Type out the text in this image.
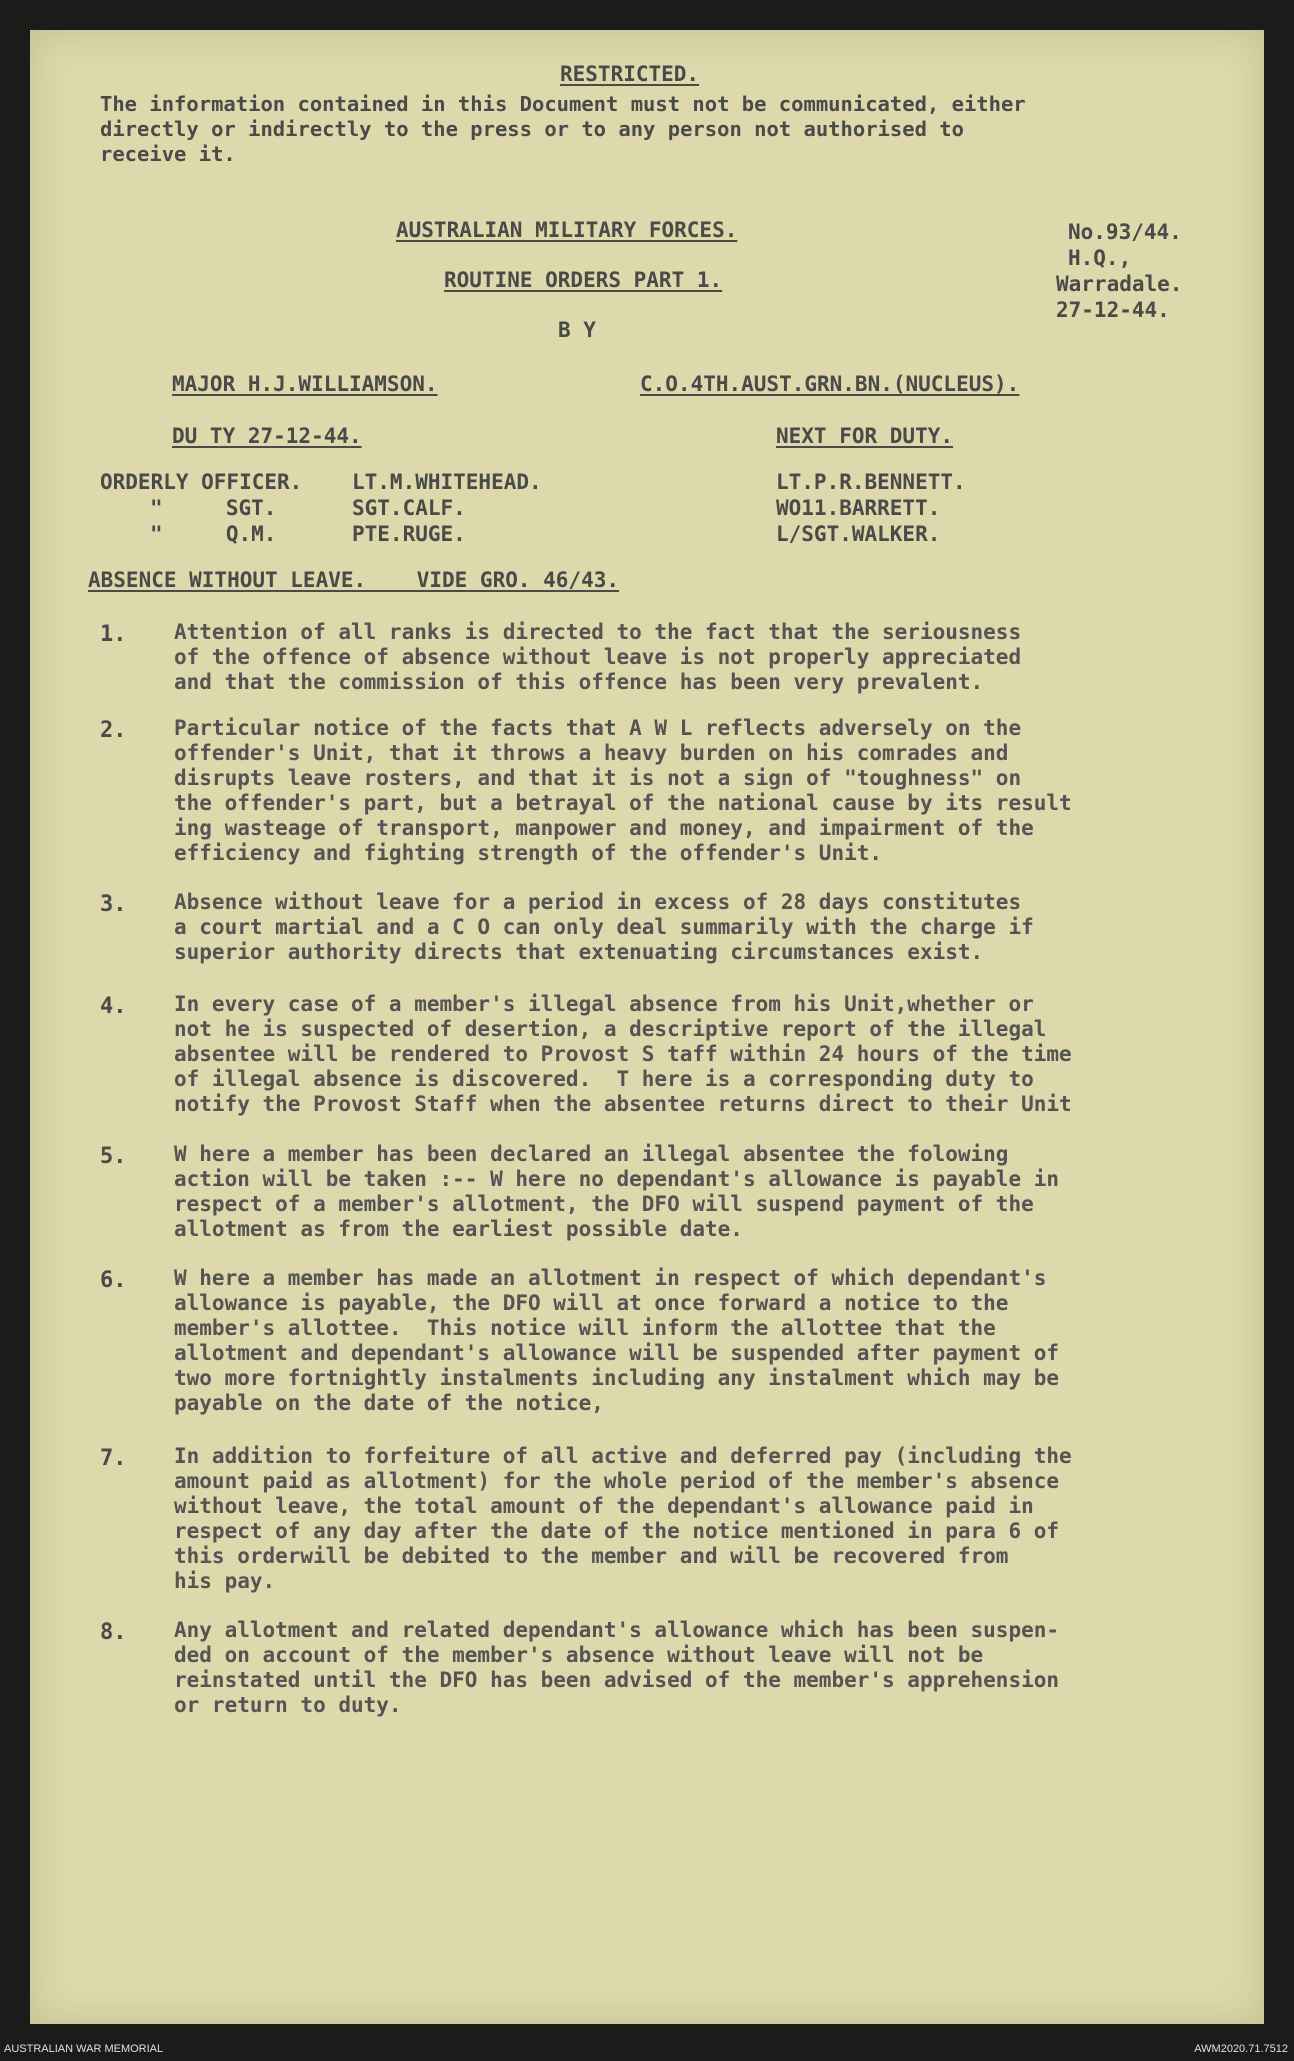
RESTRICTED.
The information contained in this Document must not be communicated, either
directly or indirectly to the press or to any person not authorised to
receive it.
AUSTRALIAN MILITARY FORCES.
ROUTINE ORDERS PART 1.
B Y
No.93/44.
H.Q.,
Warradale.
27-12-44.
MAJOR H.J.WILLIAMSON.	C.O.4TH.AUST.GRN.BN.(NUCLEUS).
DU TY 27-12-44.	NEXT FOR DUTY.
ORDERLY OFFICER. LT.M.WHITEHEAD.	LT.P.R.BENNETT.
"     SGT.	SGT.CALF.	WO11.BARRETT.
"     Q.M.	PTE.RUGE.	L/SGT.WALKER.
ABSENCE WITHOUT LEAVE.    VIDE GRO. 46/43.
1. Attention of all ranks is directed to the fact that the seriousness
of the offence of absence without leave is not properly appreciated
and that the commission of this offence has been very prevalent.
2. Particular notice of the facts that A W L reflects adversely on the
offender's Unit, that it throws a heavy burden on his comrades and
disrupts leave rosters, and that it is not a sign of "toughness" on
the offender's part, but a betrayal of the national cause by its result
ing wasteage of transport, manpower and money, and impairment of the
efficiency and fighting strength of the offender's Unit.
3. Absence without leave for a period in excess of 28 days constitutes
a court martial and a C O can only deal summarily with the charge if
superior authority directs that extenuating circumstances exist.
4. In every case of a member's illegal absence from his Unit,whether or
not he is suspected of desertion, a descriptive report of the illegal
absentee will be rendered to Provost S taff within 24 hours of the time
of illegal absence is discovered.  T here is a corresponding duty to
notify the Provost Staff when the absentee returns direct to their Unit
5. W here a member has been declared an illegal absentee the folowing
action will be taken :-- W here no dependant's allowance is payable in
respect of a member's allotment, the DFO will suspend payment of the
allotment as from the earliest possible date.
6. W here a member has made an allotment in respect of which dependant's
allowance is payable, the DFO will at once forward a notice to the
member's allottee.  This notice will inform the allottee that the
allotment and dependant's allowance will be suspended after payment of
two more fortnightly instalments including any instalment which may be
payable on the date of the notice,
7. In addition to forfeiture of all active and deferred pay (including the
amount paid as allotment) for the whole period of the member's absence
without leave, the total amount of the dependant's allowance paid in
respect of any day after the date of the notice mentioned in para 6 of
this orderwill be debited to the member and will be recovered from
his pay.
8. Any allotment and related dependant's allowance which has been suspen-
ded on account of the member's absence without leave will not be
reinstated until the DFO has been advised of the member's apprehension
or return to duty.
AUSTRALIAN WAR MEMORIAL	AWM2020.71.7512
